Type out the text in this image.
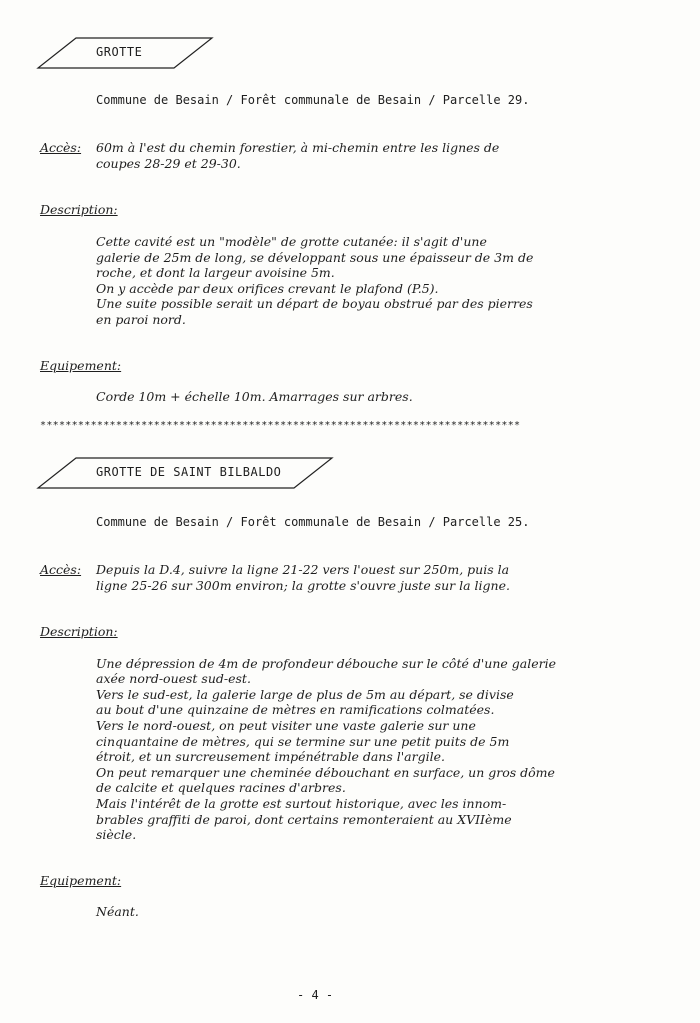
GROTTE
Commune de Besain / Forêt communale de Besain / Parcelle 29.
Accès: 60m à l'est du chemin forestier, à mi-chemin entre les lignes de
coupes 28-29 et 29-30.
Description:
Cette cavité est un "modèle" de grotte cutanée: il s'agit d'une
galerie de 25m de long, se développant sous une épaisseur de 3m de
roche, et dont la largeur avoisine 5m.
On y accède par deux orifices crevant le plafond (P.5).
Une suite possible serait un départ de boyau obstrué par des pierres
en paroi nord.
Equipement:
Corde 10m + échelle 10m. Amarrages sur arbres.
****************************************************************************
GROTTE DE SAINT BILBALDO
Commune de Besain / Forêt communale de Besain / Parcelle 25.
Accès: Depuis la D.4, suivre la ligne 21-22 vers l'ouest sur 250m, puis la
ligne 25-26 sur 300m environ; la grotte s'ouvre juste sur la ligne.
Description:
Une dépression de 4m de profondeur débouche sur le côté d'une galerie
axée nord-ouest sud-est.
Vers le sud-est, la galerie large de plus de 5m au départ, se divise
au bout d'une quinzaine de mètres en ramifications colmatées.
Vers le nord-ouest, on peut visiter une vaste galerie sur une
cinquantaine de mètres, qui se termine sur une petit puits de 5m
étroit, et un surcreusement impénétrable dans l'argile.
On peut remarquer une cheminée débouchant en surface, un gros dôme
de calcite et quelques racines d'arbres.
Mais l'intérêt de la grotte est surtout historique, avec les innom-
brables graffiti de paroi, dont certains remonteraient au XVIIème
siècle.
Equipement:
Néant.
- 4 -
